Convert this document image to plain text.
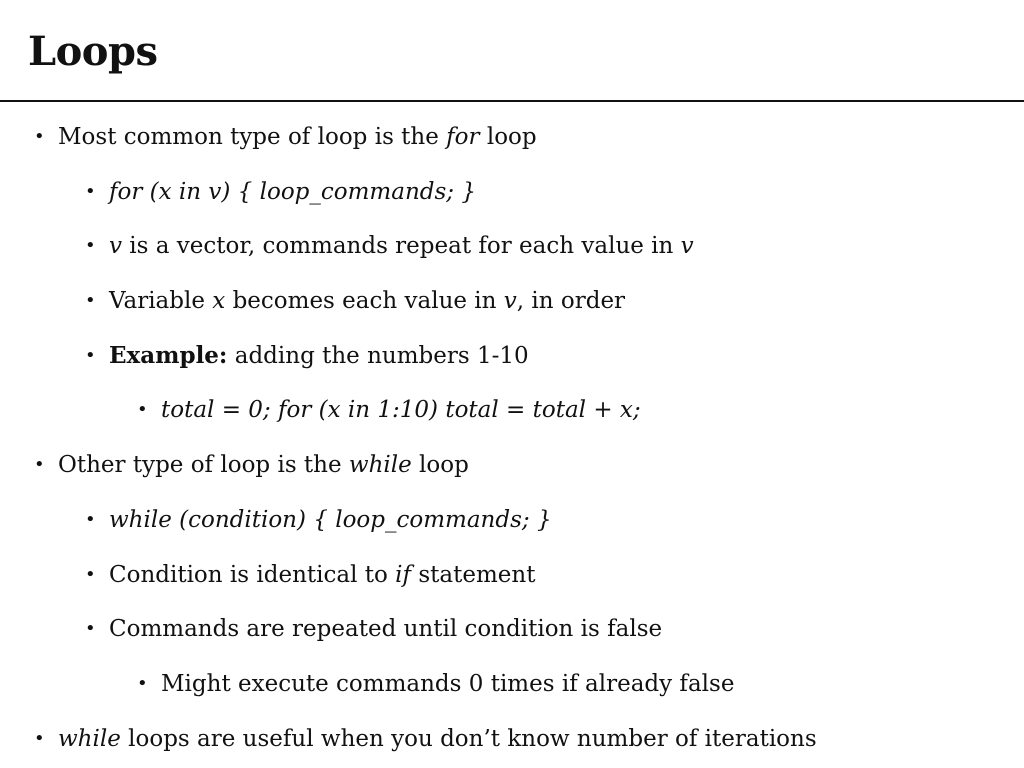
Loops
• Most common type of loop is the for loop
• for (x in v) { loop_commands; }
• v is a vector, commands repeat for each value in v
• Variable x becomes each value in v, in order
• Example: adding the numbers 1-10
• total = 0; for (x in 1:10) total = total + x;
• Other type of loop is the while loop
• while (condition) { loop_commands; }
• Condition is identical to if statement
• Commands are repeated until condition is false
• Might execute commands 0 times if already false
• while loops are useful when you don’t know number of iterations
